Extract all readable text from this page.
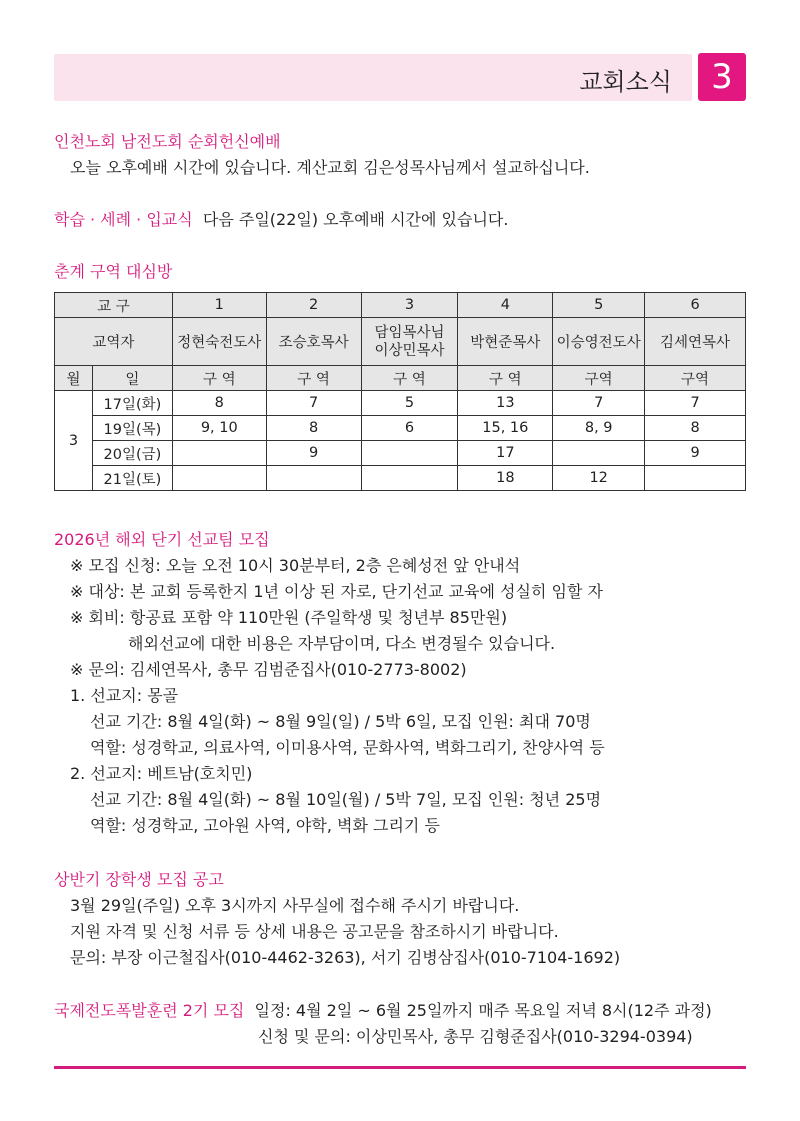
교회소식	3
인천노회 남전도회 순회헌신예배
오늘 오후예배 시간에 있습니다. 계산교회 김은성목사님께서 설교하십니다.
학습 · 세례 · 입교식 다음 주일(22일) 오후예배 시간에 있습니다.
춘계 구역 대심방
교 구		1	2	3	4	5	6
교역자		정현숙전도사	조승호목사	담임목사님 이상민목사	박현준목사	이승영전도사	김세연목사
월	일	구 역	구 역	구 역	구 역	구역	구역
3	17일(화)	8	7	5	13	7	7
	19일(목)	9, 10	8	6	15, 16	8, 9	8
	20일(금)		9		17		9
	21일(토)				18	12	
2026년 해외 단기 선교팀 모집
※ 모집 신청: 오늘 오전 10시 30분부터, 2층 은혜성전 앞 안내석
※ 대상: 본 교회 등록한지 1년 이상 된 자로, 단기선교 교육에 성실히 임할 자
※ 회비: 항공료 포함 약 110만원 (주일학생 및 청년부 85만원)
해외선교에 대한 비용은 자부담이며, 다소 변경될수 있습니다.
※ 문의: 김세연목사, 총무 김범준집사(010-2773-8002)
1. 선교지: 몽골
선교 기간: 8월 4일(화) ~ 8월 9일(일) / 5박 6일, 모집 인원: 최대 70명
역할: 성경학교, 의료사역, 이미용사역, 문화사역, 벽화그리기, 찬양사역 등
2. 선교지: 베트남(호치민)
선교 기간: 8월 4일(화) ~ 8월 10일(월) / 5박 7일, 모집 인원: 청년 25명
역할: 성경학교, 고아원 사역, 야학, 벽화 그리기 등
상반기 장학생 모집 공고
3월 29일(주일) 오후 3시까지 사무실에 접수해 주시기 바랍니다.
지원 자격 및 신청 서류 등 상세 내용은 공고문을 참조하시기 바랍니다.
문의: 부장 이근철집사(010-4462-3263), 서기 김병삼집사(010-7104-1692)
국제전도폭발훈련 2기 모집 일정: 4월 2일 ~ 6월 25일까지 매주 목요일 저녁 8시(12주 과정)
신청 및 문의: 이상민목사, 총무 김형준집사(010-3294-0394)
